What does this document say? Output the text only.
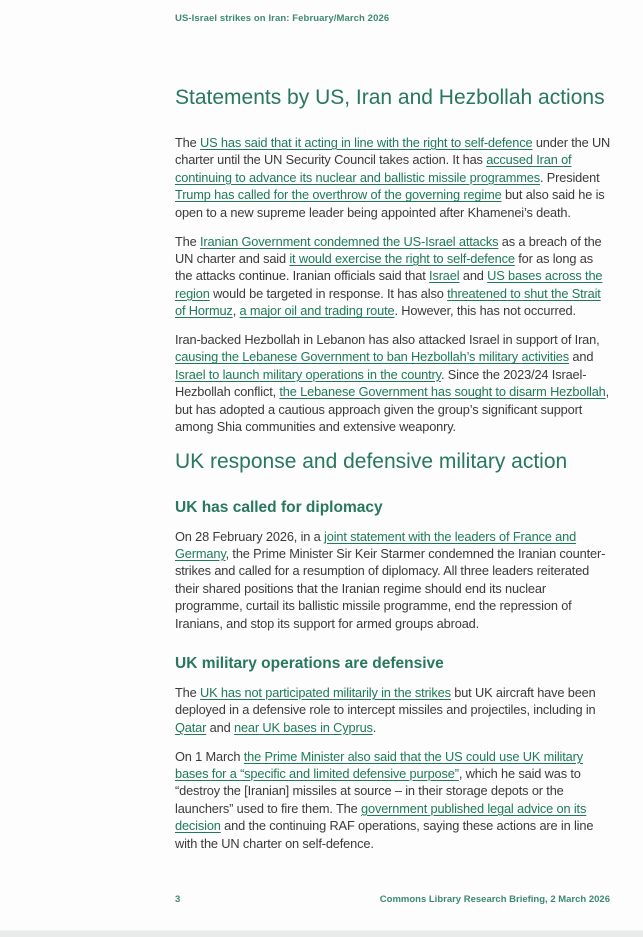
US-Israel strikes on Iran: February/March 2026
Statements by US, Iran and Hezbollah actions

The US has said that it acting in line with the right to self-defence under the UN charter until the UN Security Council takes action. It has accused Iran of continuing to advance its nuclear and ballistic missile programmes. President Trump has called for the overthrow of the governing regime but also said he is open to a new supreme leader being appointed after Khamenei’s death.

The Iranian Government condemned the US-Israel attacks as a breach of the UN charter and said it would exercise the right to self-defence for as long as the attacks continue. Iranian officials said that Israel and US bases across the region would be targeted in response. It has also threatened to shut the Strait of Hormuz, a major oil and trading route. However, this has not occurred.

Iran-backed Hezbollah in Lebanon has also attacked Israel in support of Iran, causing the Lebanese Government to ban Hezbollah’s military activities and Israel to launch military operations in the country. Since the 2023/24 Israel-Hezbollah conflict, the Lebanese Government has sought to disarm Hezbollah, but has adopted a cautious approach given the group’s significant support among Shia communities and extensive weaponry.

UK response and defensive military action
UK has called for diplomacy

On 28 February 2026, in a joint statement with the leaders of France and Germany, the Prime Minister Sir Keir Starmer condemned the Iranian counter-strikes and called for a resumption of diplomacy. All three leaders reiterated their shared positions that the Iranian regime should end its nuclear programme, curtail its ballistic missile programme, end the repression of Iranians, and stop its support for armed groups abroad.

UK military operations are defensive

The UK has not participated militarily in the strikes but UK aircraft have been deployed in a defensive role to intercept missiles and projectiles, including in Qatar and near UK bases in Cyprus.

On 1 March the Prime Minister also said that the US could use UK military bases for a “specific and limited defensive purpose”, which he said was to “destroy the [Iranian] missiles at source – in their storage depots or the launchers” used to fire them. The government published legal advice on its decision and the continuing RAF operations, saying these actions are in line with the UN charter on self-defence.

3	Commons Library Research Briefing, 2 March 2026
